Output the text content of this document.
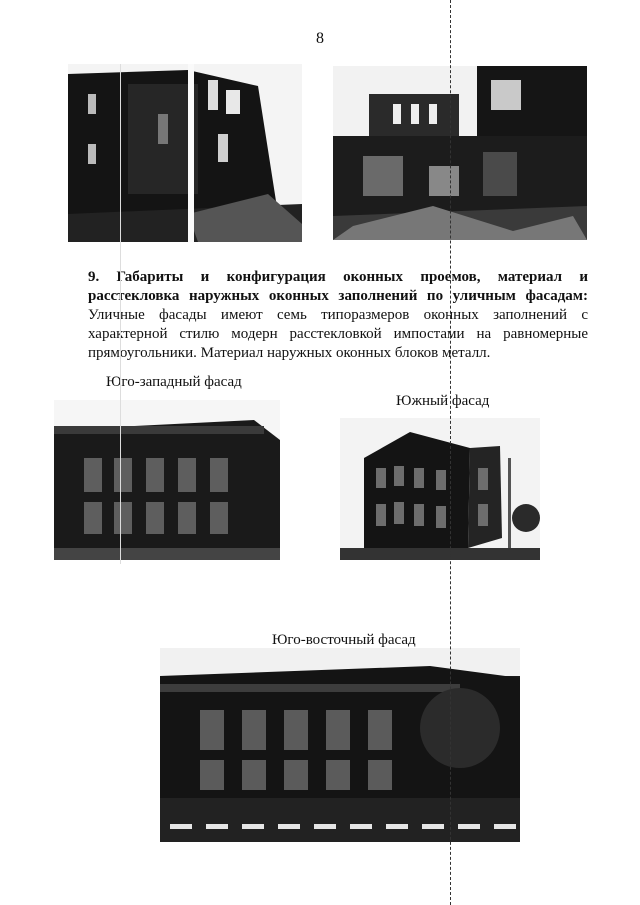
8
9. Габариты и конфигурация оконных проемов, материал и расстекловка наружных оконных заполнений по уличным фасадам: Уличные фасады имеют семь типоразмеров оконных заполнений с характерной стилю модерн расстекловкой импостами на равномерные прямоугольники. Материал наружных оконных блоков металл.
Юго-западный фасад
Южный фасад
Юго-восточный фасад
